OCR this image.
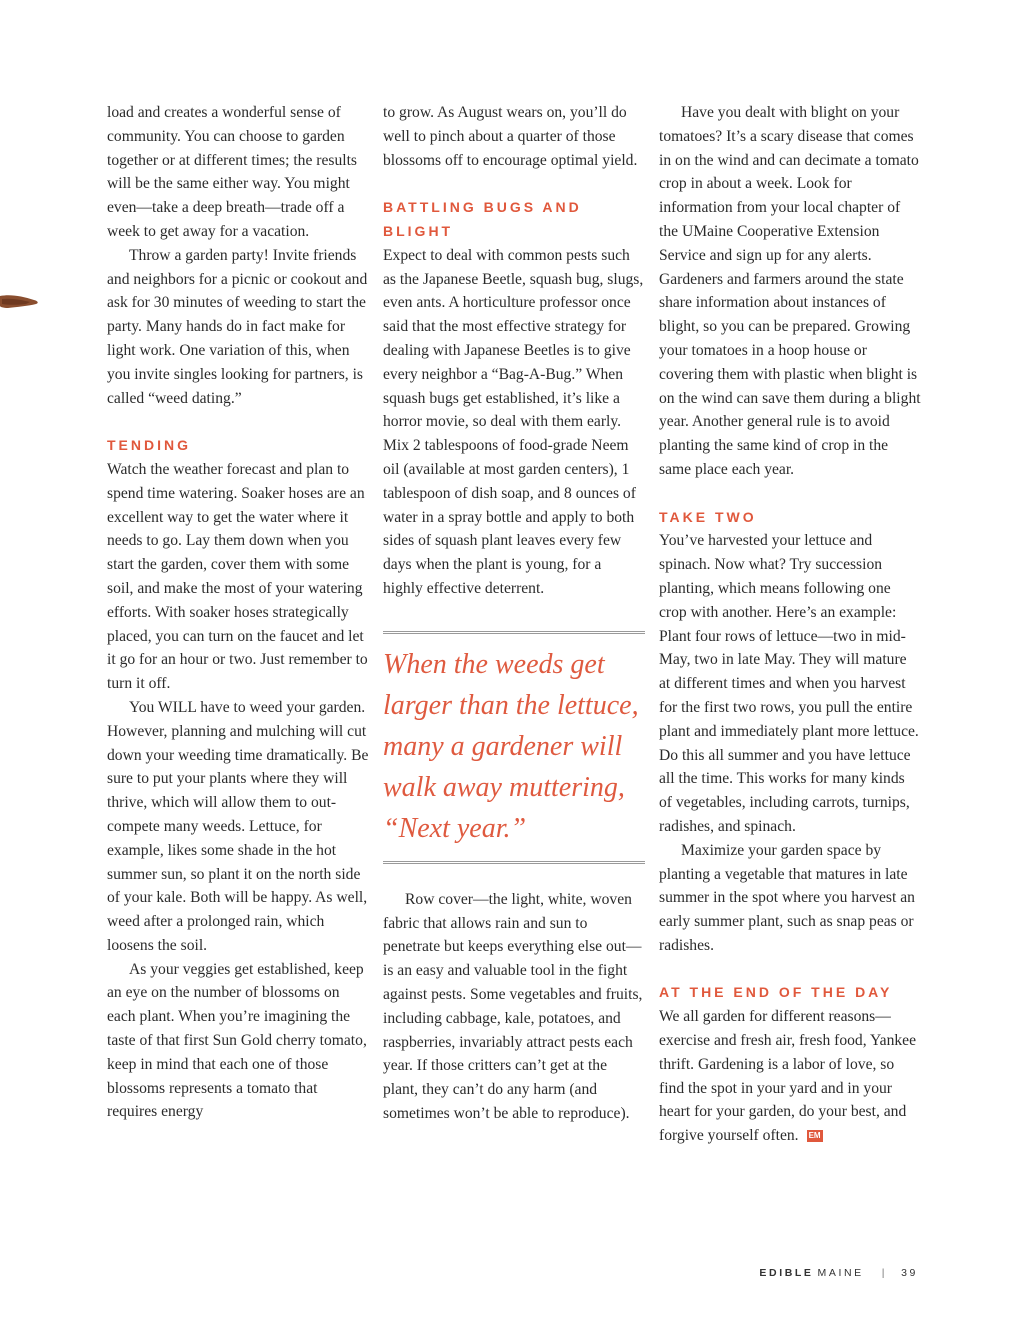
load and creates a wonderful sense of community. You can choose to garden together or at different times; the results will be the same either way. You might even—take a deep breath—trade off a week to get away for a vacation.

Throw a garden party! Invite friends and neighbors for a picnic or cookout and ask for 30 minutes of weeding to start the party. Many hands do in fact make for light work. One variation of this, when you invite singles looking for partners, is called “weed dating.”

TENDING

Watch the weather forecast and plan to spend time watering. Soaker hoses are an excellent way to get the water where it needs to go. Lay them down when you start the garden, cover them with some soil, and make the most of your watering efforts. With soaker hoses strategically placed, you can turn on the faucet and let it go for an hour or two. Just remember to turn it off.

You WILL have to weed your garden. However, planning and mulching will cut down your weeding time dramatically. Be sure to put your plants where they will thrive, which will allow them to out-compete many weeds. Lettuce, for example, likes some shade in the hot summer sun, so plant it on the north side of your kale. Both will be happy. As well, weed after a prolonged rain, which loosens the soil.

As your veggies get established, keep an eye on the number of blossoms on each plant. When you’re imagining the taste of that first Sun Gold cherry tomato, keep in mind that each one of those blossoms represents a tomato that requires energy

to grow. As August wears on, you’ll do well to pinch about a quarter of those blossoms off to encourage optimal yield.

BATTLING BUGS AND BLIGHT

Expect to deal with common pests such as the Japanese Beetle, squash bug, slugs, even ants. A horticulture professor once said that the most effective strategy for dealing with Japanese Beetles is to give every neighbor a “Bag-A-Bug.” When squash bugs get established, it’s like a horror movie, so deal with them early. Mix 2 tablespoons of food-grade Neem oil (available at most garden centers), 1 tablespoon of dish soap, and 8 ounces of water in a spray bottle and apply to both sides of squash plant leaves every few days when the plant is young, for a highly effective deterrent.

When the weeds get
larger than the lettuce,
many a gardener will
walk away muttering,
“Next year.”

Row cover—the light, white, woven fabric that allows rain and sun to penetrate but keeps everything else out—is an easy and valuable tool in the fight against pests. Some vegetables and fruits, including cabbage, kale, potatoes, and raspberries, invariably attract pests each year. If those critters can’t get at the plant, they can’t do any harm (and sometimes won’t be able to reproduce).

Have you dealt with blight on your tomatoes? It’s a scary disease that comes in on the wind and can decimate a tomato crop in about a week. Look for information from your local chapter of the UMaine Cooperative Extension Service and sign up for any alerts. Gardeners and farmers around the state share information about instances of blight, so you can be prepared. Growing your tomatoes in a hoop house or covering them with plastic when blight is on the wind can save them during a blight year. Another general rule is to avoid planting the same kind of crop in the same place each year.

TAKE TWO

You’ve harvested your lettuce and spinach. Now what? Try succession planting, which means following one crop with another. Here’s an example: Plant four rows of lettuce—two in mid-May, two in late May. They will mature at different times and when you harvest for the first two rows, you pull the entire plant and immediately plant more lettuce. Do this all summer and you have lettuce all the time. This works for many kinds of vegetables, including carrots, turnips, radishes, and spinach.

Maximize your garden space by planting a vegetable that matures in late summer in the spot where you harvest an early summer plant, such as snap peas or radishes.

AT THE END OF THE DAY

We all garden for different reasons—exercise and fresh air, fresh food, Yankee thrift. Gardening is a labor of love, so find the spot in your yard and in your heart for your garden, do your best, and forgive yourself often. EM

EDIBLE MAINE | 39
